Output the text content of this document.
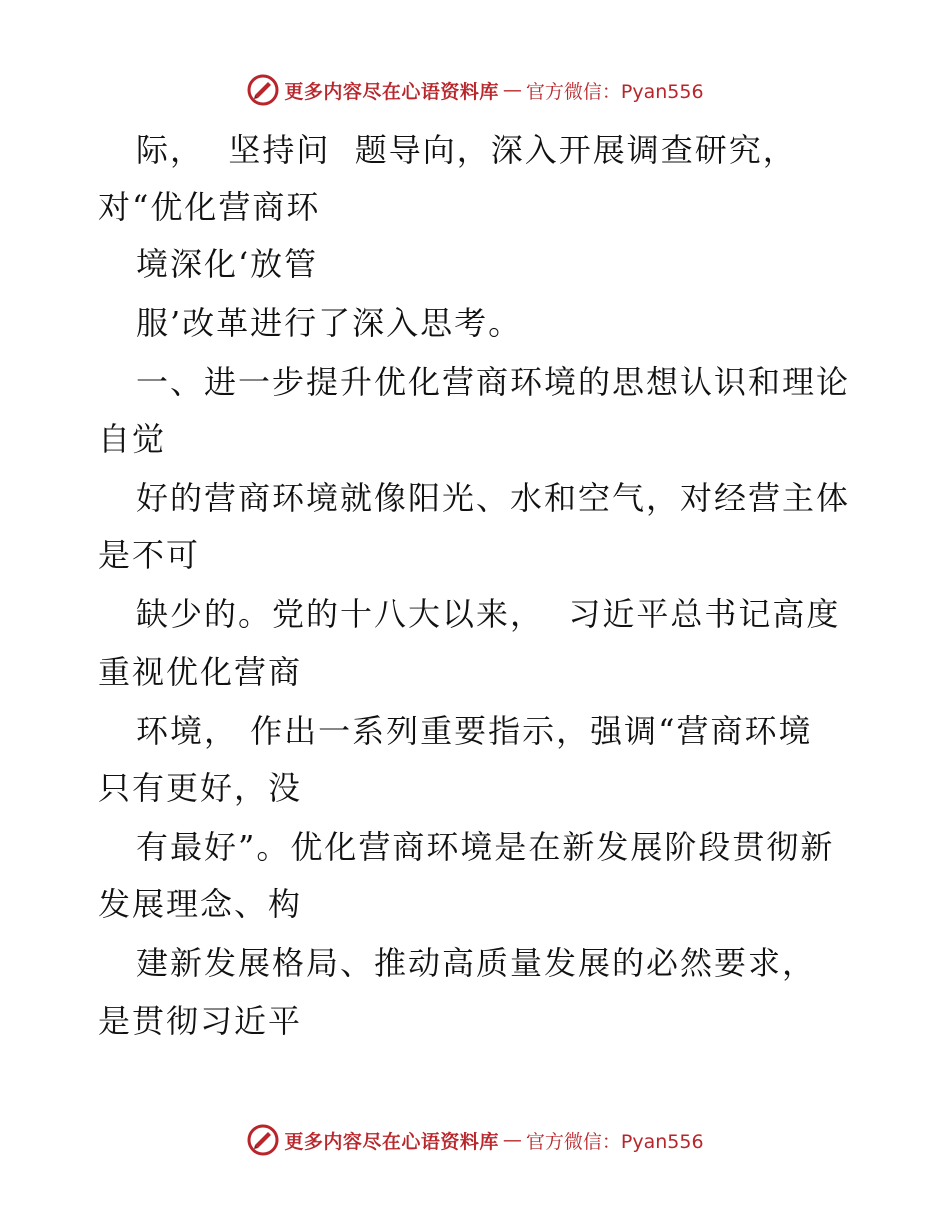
更多内容尽在心语资料库 — 官方微信：Pyan556
际，  坚持问  题导向，深入开展调查研究，
对“优化营商环
境深化‘放管
服’改革进行了深入思考。
一、进一步提升优化营商环境的思想认识和理论
自觉
好的营商环境就像阳光、水和空气，对经营主体
是不可
缺少的。党的十八大以来，  习近平总书记高度
重视优化营商
环境， 作出一系列重要指示，强调“营商环境
只有更好，没
有最好”。优化营商环境是在新发展阶段贯彻新
发展理念、构
建新发展格局、推动高质量发展的必然要求，
是贯彻习近平
更多内容尽在心语资料库 — 官方微信：Pyan556
